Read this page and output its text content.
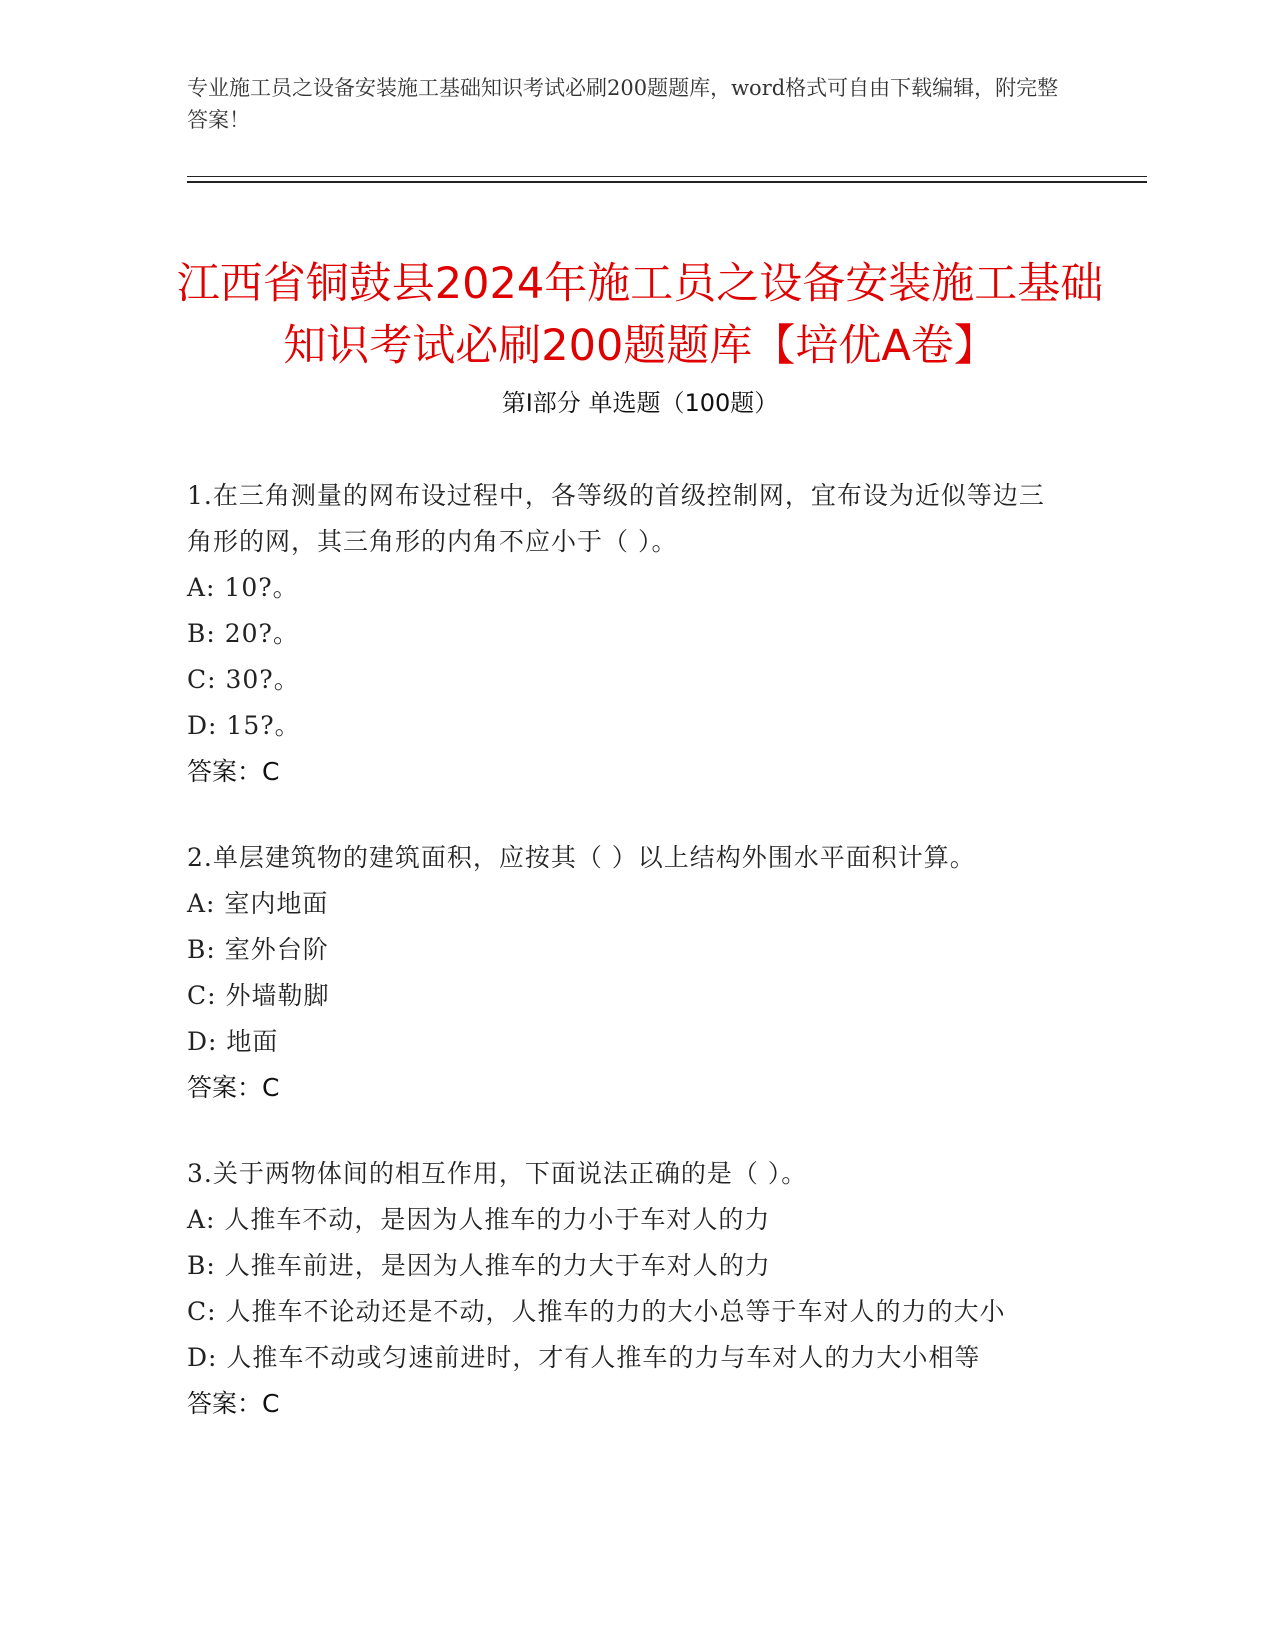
专业施工员之设备安装施工基础知识考试必刷200题题库，word格式可自由下载编辑，附完整答案！
江西省铜鼓县2024年施工员之设备安装施工基础知识考试必刷200题题库【培优A卷】
第I部分 单选题（100题）

1.在三角测量的网布设过程中，各等级的首级控制网，宜布设为近似等边三角形的网，其三角形的内角不应小于（ ）。

A: 10?。

B: 20?。

C: 30?。

D: 15?。

答案：C

2.单层建筑物的建筑面积，应按其（ ）以上结构外围水平面积计算。

A: 室内地面

B: 室外台阶

C: 外墙勒脚

D: 地面

答案：C

3.关于两物体间的相互作用，下面说法正确的是（ ）。

A: 人推车不动，是因为人推车的力小于车对人的力

B: 人推车前进，是因为人推车的力大于车对人的力

C: 人推车不论动还是不动，人推车的力的大小总等于车对人的力的大小

D: 人推车不动或匀速前进时，才有人推车的力与车对人的力大小相等

答案：C
